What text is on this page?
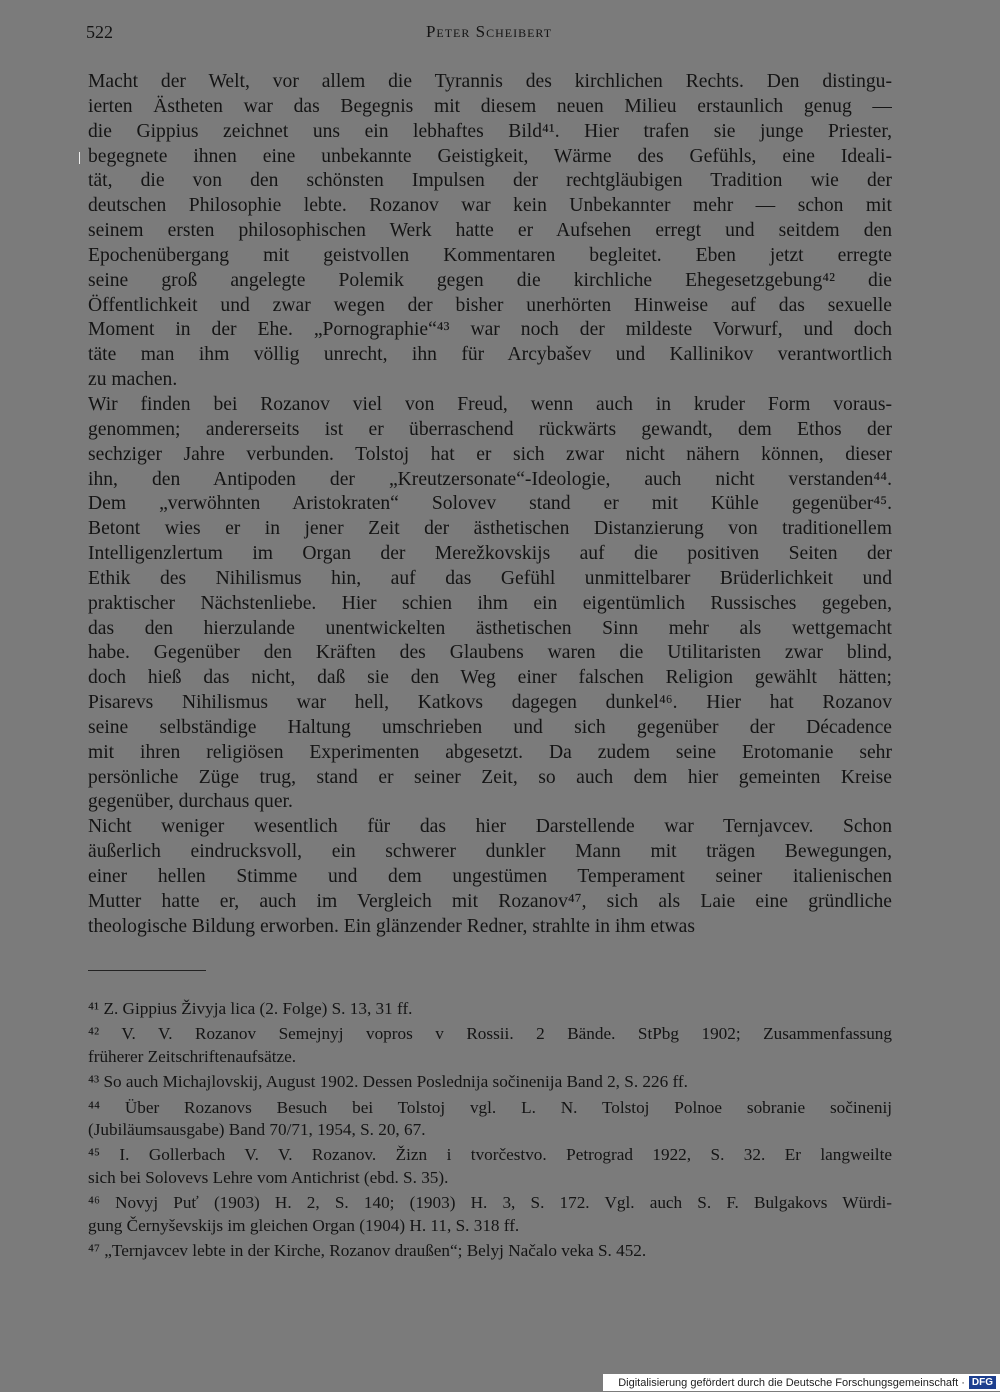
522	Peter Scheibert
Macht der Welt, vor allem die Tyrannis des kirchlichen Rechts. Den distingu-
ierten Ästheten war das Begegnis mit diesem neuen Milieu erstaunlich genug —
die Gippius zeichnet uns ein lebhaftes Bild⁴¹. Hier trafen sie junge Priester,
begegnete ihnen eine unbekannte Geistigkeit, Wärme des Gefühls, eine Ideali-
tät, die von den schönsten Impulsen der rechtgläubigen Tradition wie der
deutschen Philosophie lebte. Rozanov war kein Unbekannter mehr — schon mit
seinem ersten philosophischen Werk hatte er Aufsehen erregt und seitdem den
Epochenübergang mit geistvollen Kommentaren begleitet. Eben jetzt erregte
seine groß angelegte Polemik gegen die kirchliche Ehegesetzgebung⁴² die
Öffentlichkeit und zwar wegen der bisher unerhörten Hinweise auf das sexuelle
Moment in der Ehe. „Pornographie“⁴³ war noch der mildeste Vorwurf, und doch
täte man ihm völlig unrecht, ihn für Arcybašev und Kallinikov verantwortlich
zu machen.
Wir finden bei Rozanov viel von Freud, wenn auch in kruder Form voraus-
genommen; andererseits ist er überraschend rückwärts gewandt, dem Ethos der
sechziger Jahre verbunden. Tolstoj hat er sich zwar nicht nähern können, dieser
ihn, den Antipoden der „Kreutzersonate“-Ideologie, auch nicht verstanden⁴⁴.
Dem „verwöhnten Aristokraten“ Solovev stand er mit Kühle gegenüber⁴⁵.
Betont wies er in jener Zeit der ästhetischen Distanzierung von traditionellem
Intelligenzlertum im Organ der Merežkovskijs auf die positiven Seiten der
Ethik des Nihilismus hin, auf das Gefühl unmittelbarer Brüderlichkeit und
praktischer Nächstenliebe. Hier schien ihm ein eigentümlich Russisches gegeben,
das den hierzulande unentwickelten ästhetischen Sinn mehr als wettgemacht
habe. Gegenüber den Kräften des Glaubens waren die Utilitaristen zwar blind,
doch hieß das nicht, daß sie den Weg einer falschen Religion gewählt hätten;
Pisarevs Nihilismus war hell, Katkovs dagegen dunkel⁴⁶. Hier hat Rozanov
seine selbständige Haltung umschrieben und sich gegenüber der Décadence
mit ihren religiösen Experimenten abgesetzt. Da zudem seine Erotomanie sehr
persönliche Züge trug, stand er seiner Zeit, so auch dem hier gemeinten Kreise
gegenüber, durchaus quer.
Nicht weniger wesentlich für das hier Darstellende war Ternjavcev. Schon
äußerlich eindrucksvoll, ein schwerer dunkler Mann mit trägen Bewegungen,
einer hellen Stimme und dem ungestümen Temperament seiner italienischen
Mutter hatte er, auch im Vergleich mit Rozanov⁴⁷, sich als Laie eine gründliche
theologische Bildung erworben. Ein glänzender Redner, strahlte in ihm etwas
⁴¹ Z. Gippius Živyja lica (2. Folge) S. 13, 31 ff.
⁴² V. V. Rozanov Semejnyj vopros v Rossii. 2 Bände. StPbg 1902; Zusammenfassung
früherer Zeitschriftenaufsätze.
⁴³ So auch Michajlovskij, August 1902. Dessen Poslednija sočinenija Band 2, S. 226 ff.
⁴⁴ Über Rozanovs Besuch bei Tolstoj vgl. L. N. Tolstoj Polnoe sobranie sočinenij
(Jubiläumsausgabe) Band 70/71, 1954, S. 20, 67.
⁴⁵ I. Gollerbach V. V. Rozanov. Žizn i tvorčestvo. Petrograd 1922, S. 32. Er langweilte
sich bei Solovevs Lehre vom Antichrist (ebd. S. 35).
⁴⁶ Novyj Puť (1903) H. 2, S. 140; (1903) H. 3, S. 172. Vgl. auch S. F. Bulgakovs Würdi-
gung Černyševskijs im gleichen Organ (1904) H. 11, S. 318 ff.
⁴⁷ „Ternjavcev lebte in der Kirche, Rozanov draußen“; Belyj Načalo veka S. 452.
Digitalisierung gefördert durch die Deutsche Forschungsgemeinschaft · DFG
